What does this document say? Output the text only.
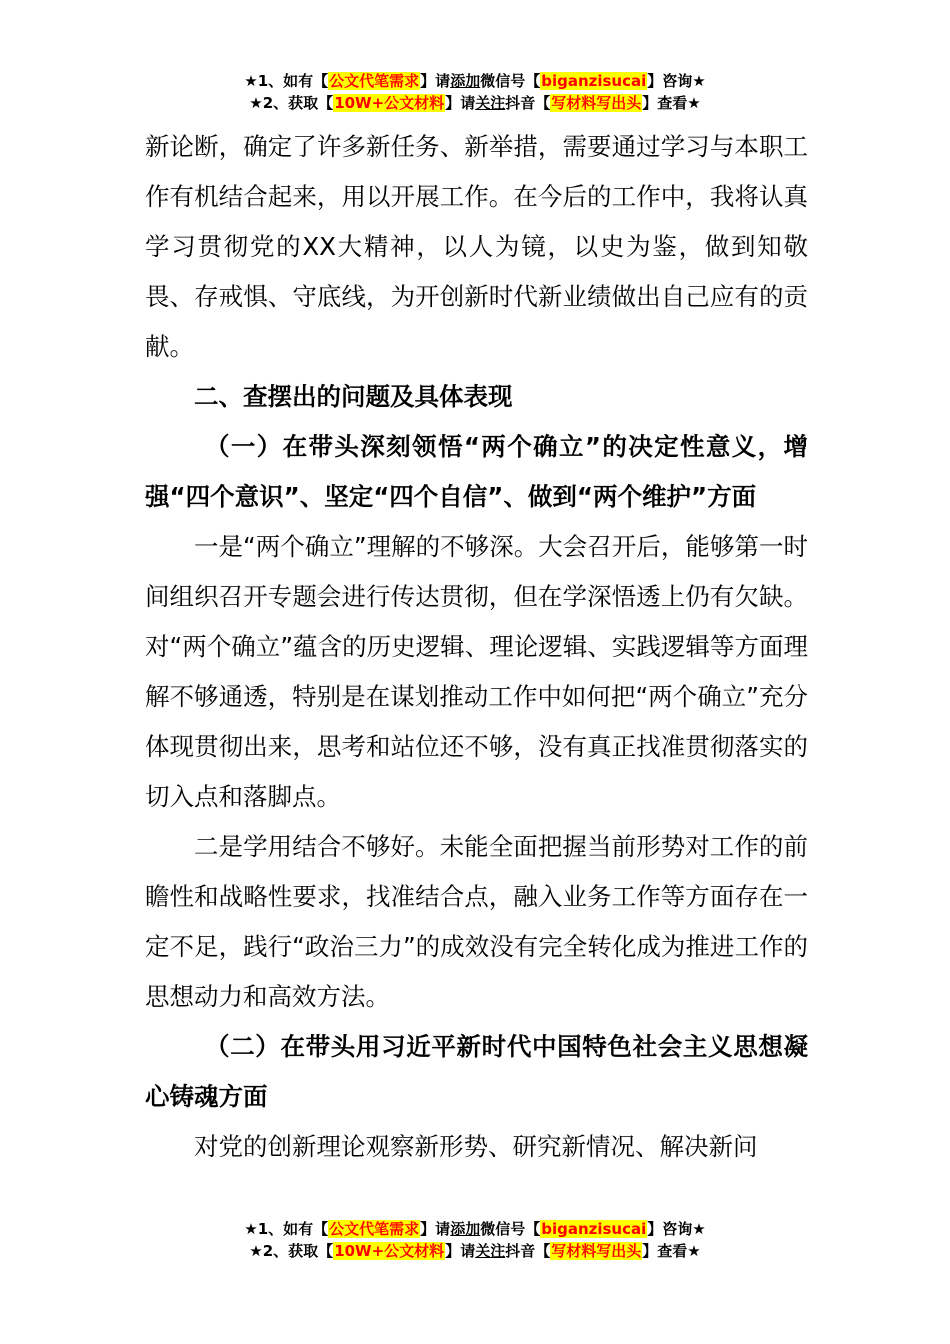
★1、如有【公文代笔需求】请添加微信号【biganzisucai】咨询★
★2、获取【10W+公文材料】请关注抖音【写材料写出头】查看★

新论断，确定了许多新任务、新举措，需要通过学习与本职工作有机结合起来，用以开展工作。在今后的工作中，我将认真学习贯彻党的XX大精神，以人为镜，以史为鉴，做到知敬畏、存戒惧、守底线，为开创新时代新业绩做出自己应有的贡献。

二、查摆出的问题及具体表现

（一）在带头深刻领悟“两个确立”的决定性意义，增强“四个意识”、坚定“四个自信”、做到“两个维护”方面

一是“两个确立”理解的不够深。大会召开后，能够第一时间组织召开专题会进行传达贯彻，但在学深悟透上仍有欠缺。对“两个确立”蕴含的历史逻辑、理论逻辑、实践逻辑等方面理解不够通透，特别是在谋划推动工作中如何把“两个确立”充分体现贯彻出来，思考和站位还不够，没有真正找准贯彻落实的切入点和落脚点。

二是学用结合不够好。未能全面把握当前形势对工作的前瞻性和战略性要求，找准结合点，融入业务工作等方面存在一定不足，践行“政治三力”的成效没有完全转化成为推进工作的思想动力和高效方法。

（二）在带头用习近平新时代中国特色社会主义思想凝心铸魂方面

对党的创新理论观察新形势、研究新情况、解决新问

★1、如有【公文代笔需求】请添加微信号【biganzisucai】咨询★
★2、获取【10W+公文材料】请关注抖音【写材料写出头】查看★
